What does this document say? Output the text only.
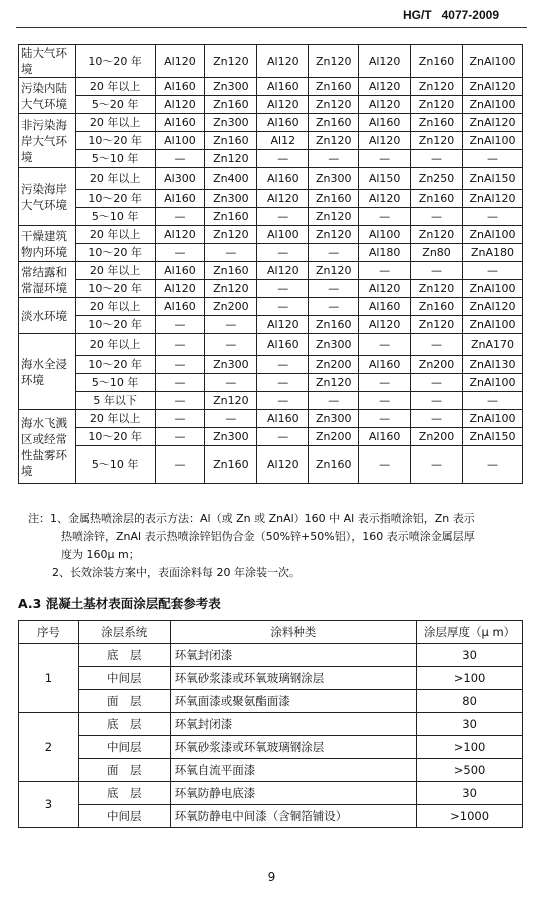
HG/T 4077-2009
陆大气环境	10～20 年	Al120	Zn120	Al120	Zn120	Al120	Zn160	ZnAl100
污染内陆大气环境	20 年以上	Al160	Zn300	Al160	Zn160	Al120	Zn120	ZnAl120
	5～20 年	Al120	Zn160	Al120	Zn120	Al120	Zn120	ZnAl100
非污染海岸大气环境	20 年以上	Al160	Zn300	Al160	Zn160	Al160	Zn160	ZnAl120
	10～20 年	Al100	Zn160	Al12	Zn120	Al120	Zn120	ZnAl100
	5～10 年	—	Zn120	—	—	—	—	—
污染海岸大气环境	20 年以上	Al300	Zn400	Al160	Zn300	Al150	Zn250	ZnAl150
	10～20 年	Al160	Zn300	Al120	Zn160	Al120	Zn160	ZnAl120
	5～10 年	—	Zn160	—	Zn120	—	—	—
干燥建筑物内环境	20 年以上	Al120	Zn120	Al100	Zn120	Al100	Zn120	ZnAl100
	10～20 年	—	—	—	—	Al180	Zn80	ZnA180
常结露和常湿环境	20 年以上	Al160	Zn160	Al120	Zn120	—	—	—
	10～20 年	Al120	Zn120	—	—	Al120	Zn120	ZnAl100
淡水环境	20 年以上	Al160	Zn200	—	—	Al160	Zn160	ZnAl120
	10～20 年	—	—	Al120	Zn160	Al120	Zn120	ZnAl100
海水全浸环境	20 年以上	—	—	Al160	Zn300	—	—	ZnA170
	10～20 年	—	Zn300	—	Zn200	Al160	Zn200	ZnAl130
	5～10 年	—	—	—	Zn120	—	—	ZnAl100
	5 年以下	—	Zn120	—	—	—	—	—
海水飞溅区或经常性盐雾环境	20 年以上	—	—	Al160	Zn300	—	—	ZnAl100
	10～20 年	—	Zn300	—	Zn200	Al160	Zn200	ZnAl150
	5～10 年	—	Zn160	Al120	Zn160	—	—	—
注：1、金属热喷涂层的表示方法：Al（或 Zn 或 ZnAl）160 中 Al 表示指喷涂铝，Zn 表示
热喷涂锌，ZnAl 表示热喷涂锌铝伪合金（50%锌+50%铝），160 表示喷涂金属层厚
度为 160μ m；
2、长效涂装方案中，表面涂料每 20 年涂装一次。
A.3 混凝土基材表面涂层配套参考表
序号	涂层系统	涂料种类	涂层厚度（μ m）
1	底　层	环氧封闭漆	30
	中间层	环氧砂浆漆或环氧玻璃钢涂层	>100
	面　层	环氧面漆或聚氨酯面漆	80
2	底　层	环氧封闭漆	30
	中间层	环氧砂浆漆或环氧玻璃钢涂层	>100
	面　层	环氧自流平面漆	>500
3	底　层	环氧防静电底漆	30
	中间层	环氧防静电中间漆（含铜箔铺设）	>1000
9
